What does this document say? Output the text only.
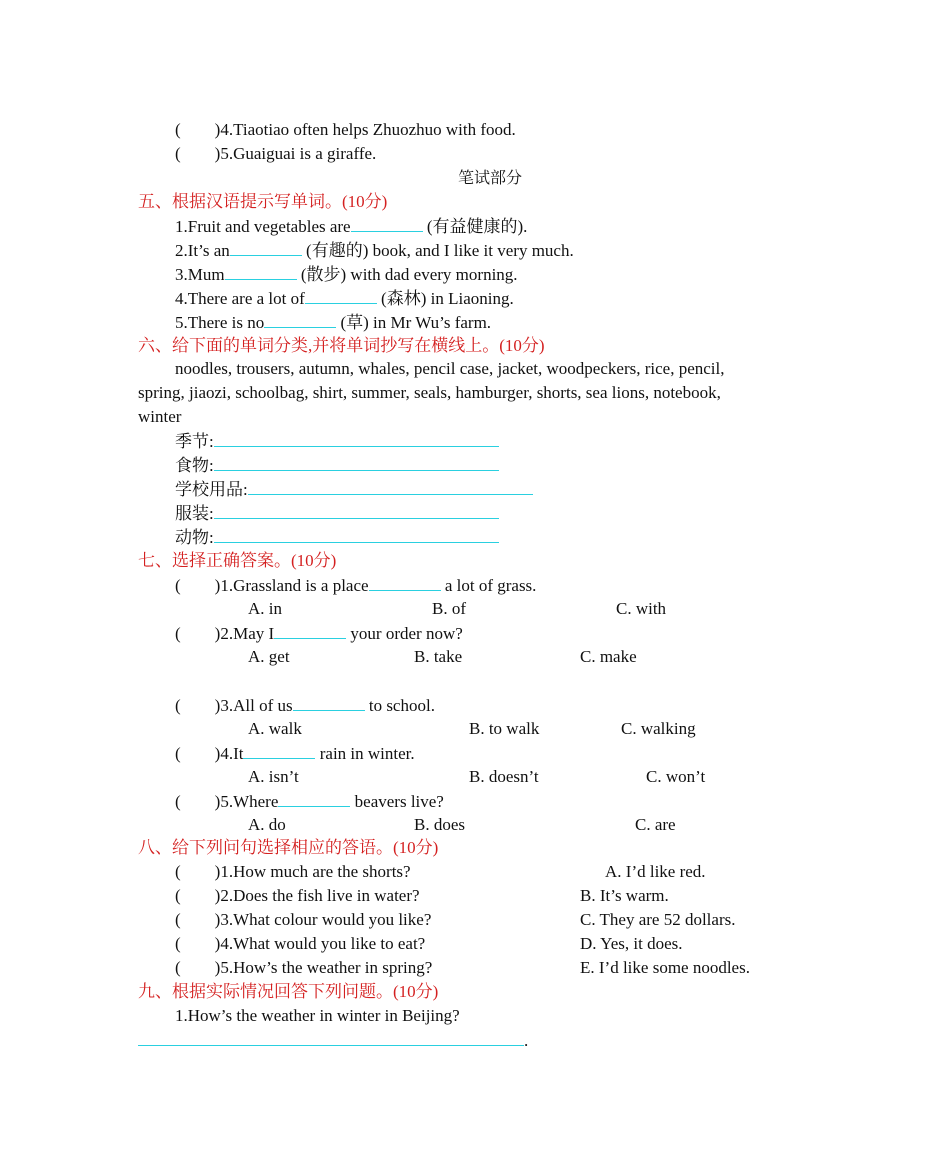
( )4.Tiaotiao often helps Zhuozhuo with food.
( )5.Guaiguai is a giraffe.
笔试部分
五、根据汉语提示写单词。(10分)
1.Fruit and vegetables are	(有益健康的).
2.It’s an	(有趣的) book, and I like it very much.
3.Mum	(散步) with dad every morning.
4.There are a lot of	(森林) in Liaoning.
5.There is no	(草) in Mr Wu’s farm.
六、给下面的单词分类,并将单词抄写在横线上。(10分)
noodles, trousers, autumn, whales, pencil case, jacket, woodpeckers, rice, pencil,
spring, jiaozi, schoolbag, shirt, summer, seals, hamburger, shorts, sea lions, notebook,
winter
季节:
食物:
学校用品:
服装:
动物:
七、选择正确答案。(10分)
( )1.Grassland is a place	a lot of grass.
A. in	B. of	C. with
( )2.May I	your order now?
A. get	B. take	C. make
( )3.All of us	to school.
A. walk	B. to walk	C. walking
( )4.It	rain in winter.
A. isn’t	B. doesn’t	C. won’t
( )5.Where	beavers live?
A. do	B. does	C. are
八、给下列问句选择相应的答语。(10分)
( )1.How much are the shorts?	A. I’d like red.
( )2.Does the fish live in water?	B. It’s warm.
( )3.What colour would you like?	C. They are 52 dollars.
( )4.What would you like to eat?	D. Yes, it does.
( )5.How’s the weather in spring?	E. I’d like some noodles.
九、根据实际情况回答下列问题。(10分)
1.How’s the weather in winter in Beijing?
.
